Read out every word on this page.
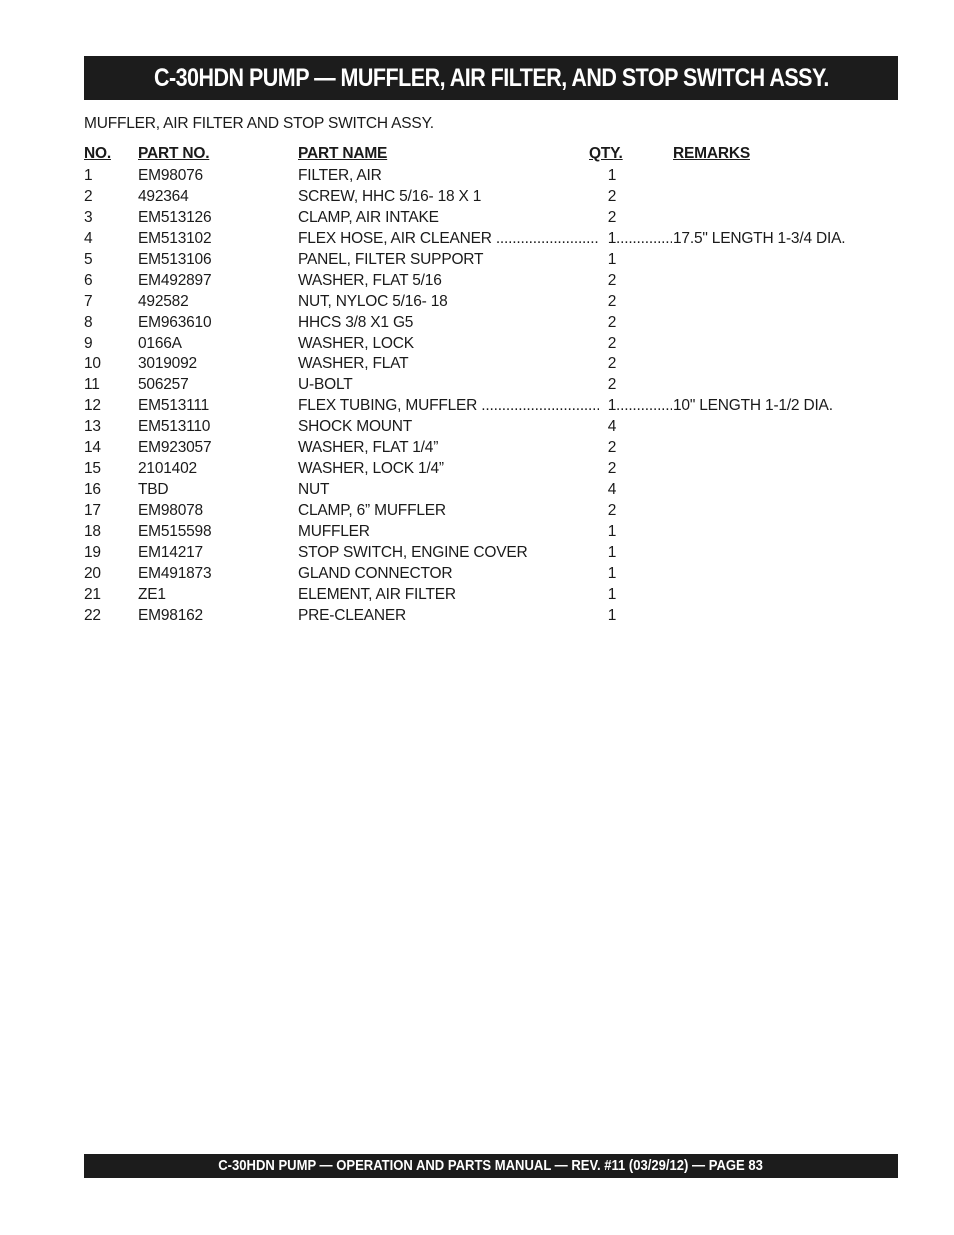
C-30HDN PUMP — MUFFLER, AIR FILTER, AND STOP SWITCH ASSY.
MUFFLER, AIR FILTER AND STOP SWITCH ASSY.
NO. PART NO.	PART NAME	QTY.	REMARKS
1	EM98076	FILTER, AIR	1
2	492364	SCREW, HHC 5/16- 18 X 1	2
3	EM513126	CLAMP, AIR INTAKE	2
4	EM513102	FLEX HOSE, AIR CLEANER .....	1	17.5" LENGTH 1-3/4 DIA.
.....
5	EM513106	PANEL, FILTER SUPPORT	1
6	EM492897	WASHER, FLAT 5/16	2
7	492582	NUT, NYLOC 5/16- 18	2
8	EM963610	HHCS 3/8 X1 G5	2
9	0166A	WASHER, LOCK	2
10 3019092	WASHER, FLAT	2
11 506257	U-BOLT	2
12 EM513111	FLEX TUBING, MUFFLER .....	1	10" LENGTH 1-1/2 DIA.
.....
13 EM513110	SHOCK MOUNT	4
14 EM923057	WASHER, FLAT 1/4”	2
15 2101402	WASHER, LOCK 1/4”	2
16 TBD	NUT	4
17 EM98078	CLAMP, 6” MUFFLER	2
18 EM515598	MUFFLER	1
19 EM14217	STOP SWITCH, ENGINE COVER	1
20 EM491873	GLAND CONNECTOR	1
21 ZE1	ELEMENT, AIR FILTER	1
22 EM98162	PRE-CLEANER	1
C-30HDN PUMP — OPERATION AND PARTS MANUAL — REV. #11 (03/29/12) — PAGE 83
